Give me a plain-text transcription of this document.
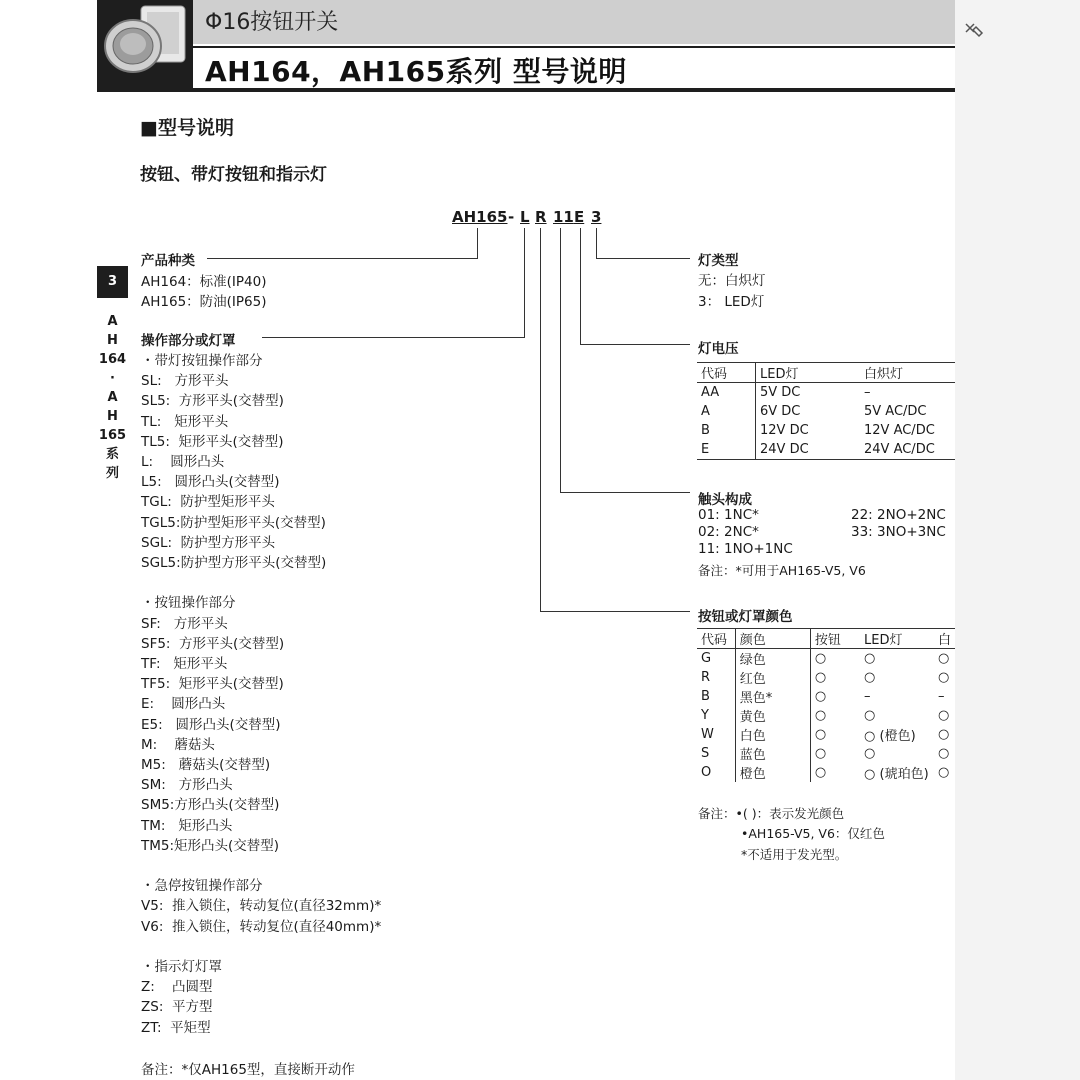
Φ16按钮开关
AH164，AH165系列 型号说明
3
A
H
164
·
A
H
165
系
列
■型号说明
按钮、带灯按钮和指示灯
AH165 - L R 11 E 3
产品种类
AH164：标准(IP40)
AH165：防油(IP65)
操作部分或灯罩
・带灯按钮操作部分
SL:   方形平头
SL5:  方形平头(交替型)
TL:   矩形平头
TL5:  矩形平头(交替型)
L:    圆形凸头
L5:   圆形凸头(交替型)
TGL:  防护型矩形平头
TGL5:防护型矩形平头(交替型)
SGL:  防护型方形平头
SGL5:防护型方形平头(交替型)
・按钮操作部分
SF:   方形平头
SF5:  方形平头(交替型)
TF:   矩形平头
TF5:  矩形平头(交替型)
E:    圆形凸头
E5:   圆形凸头(交替型)
M:    蘑菇头
M5:   蘑菇头(交替型)
SM:   方形凸头
SM5:方形凸头(交替型)
TM:   矩形凸头
TM5:矩形凸头(交替型)
・急停按钮操作部分
V5:  推入锁住，转动复位(直径32mm)*
V6:  推入锁住，转动复位(直径40mm)*
・指示灯灯罩
Z:    凸圆型
ZS:  平方型
ZT:  平矩型
备注：*仅AH165型，直接断开动作
灯类型
无：白炽灯
3： LED灯
灯电压
代码	LED灯	白炽灯
AA	5V DC	–
A	6V DC	5V AC/DC
B	12V DC	12V AC/DC
E	24V DC	24V AC/DC
触头构成
01: 1NC*
02: 2NC*
11: 1NO+1NC
22: 2NO+2NC
33: 3NO+3NC
备注：*可用于AH165-V5, V6
按钮或灯罩颜色
代码	颜色	按钮	LED灯	白
G	绿色	○	○	○
R	红色	○	○	○
B	黑色*	○	–	–
Y	黄色	○	○	○
W	白色	○	○ (橙色)	○
S	蓝色	○	○	○
O	橙色	○	○ (琥珀色)	○
备注：•( )：表示发光颜色
•AH165-V5, V6：仅红色
*不适用于发光型。
